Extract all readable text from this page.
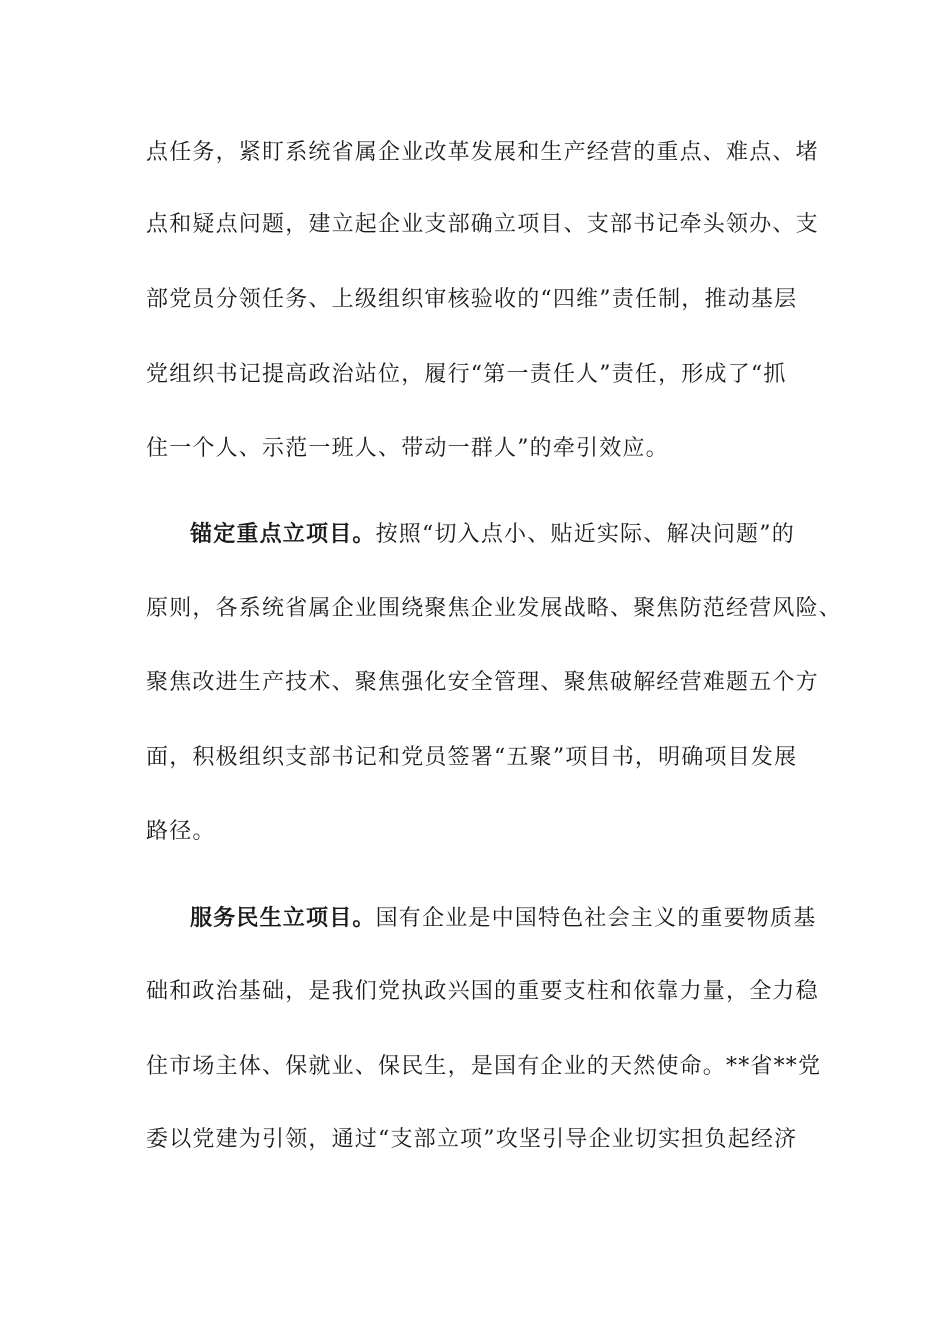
点任务，紧盯系统省属企业改革发展和生产经营的重点、难点、堵
点和疑点问题，建立起企业支部确立项目、支部书记牵头领办、支
部党员分领任务、上级组织审核验收的“四维”责任制，推动基层
党组织书记提高政治站位，履行“第一责任人”责任，形成了“抓
住一个人、示范一班人、带动一群人”的牵引效应。
锚定重点立项目。按照“切入点小、贴近实际、解决问题”的
原则，各系统省属企业围绕聚焦企业发展战略、聚焦防范经营风险、
聚焦改进生产技术、聚焦强化安全管理、聚焦破解经营难题五个方
面，积极组织支部书记和党员签署“五聚”项目书，明确项目发展
路径。
服务民生立项目。国有企业是中国特色社会主义的重要物质基
础和政治基础，是我们党执政兴国的重要支柱和依靠力量，全力稳
住市场主体、保就业、保民生，是国有企业的天然使命。**省**党
委以党建为引领，通过“支部立项”攻坚引导企业切实担负起经济
